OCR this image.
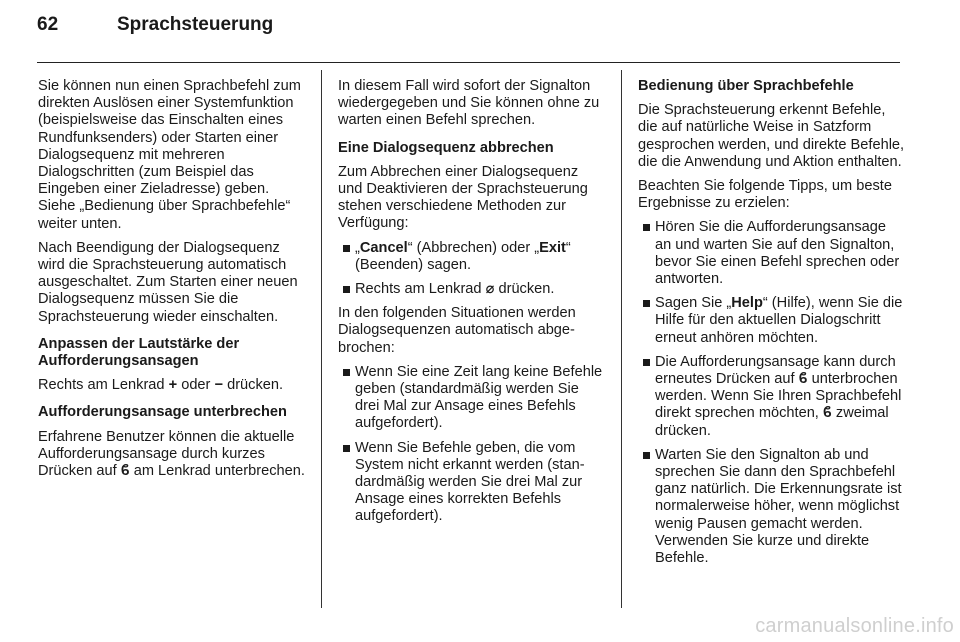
62	Sprachsteuerung

Sie können nun einen Sprachbefehl zum direkten Auslösen einer Systemfunktion (beispielsweise das Einschalten eines Rundfunksenders) oder Starten einer Dialogsequenz mit mehreren Dialogschritten (zum Beispiel das Eingeben einer Zieladresse) geben. Siehe „Bedienung über Sprachbefehle“ weiter unten.

Nach Beendigung der Dialogsequenz wird die Sprachsteuerung automatisch ausgeschaltet. Zum Starten einer neuen Dialogsequenz müssen Sie die Sprachsteuerung wieder einschalten.

Anpassen der Lautstärke der Aufforderungsansagen

Rechts am Lenkrad + oder − drücken.

Aufforderungsansage unterbrechen

Erfahrene Benutzer können die aktuelle Aufforderungsansage durch kurzes Drücken auf ϐ am Lenkrad unterbrechen.

In diesem Fall wird sofort der Signalton wiedergegeben und Sie können ohne zu warten einen Befehl sprechen.

Eine Dialogsequenz abbrechen

Zum Abbrechen einer Dialogsequenz und Deaktivieren der Sprachsteuerung stehen verschiedene Methoden zur Verfügung:

„Cancel“ (Abbrechen) oder „Exit“ (Beenden) sagen.
Rechts am Lenkrad ⌀ drücken.

In den folgenden Situationen werden Dialogsequenzen automatisch abgebrochen:

Wenn Sie eine Zeit lang keine Befehle geben (standardmäßig werden Sie drei Mal zur Ansage eines Befehls aufgefordert).
Wenn Sie Befehle geben, die vom System nicht erkannt werden (standardmäßig werden Sie drei Mal zur Ansage eines korrekten Befehls aufgefordert).

Bedienung über Sprachbefehle

Die Sprachsteuerung erkennt Befehle, die auf natürliche Weise in Satzform gesprochen werden, und direkte Befehle, die die Anwendung und Aktion enthalten.

Beachten Sie folgende Tipps, um beste Ergebnisse zu erzielen:

Hören Sie die Aufforderungsansage an und warten Sie auf den Signalton, bevor Sie einen Befehl sprechen oder antworten.
Sagen Sie „Help“ (Hilfe), wenn Sie die Hilfe für den aktuellen Dialogschritt erneut anhören möchten.
Die Aufforderungsansage kann durch erneutes Drücken auf ϐ unterbrochen werden. Wenn Sie Ihren Sprachbefehl direkt sprechen möchten, ϐ zweimal drücken.
Warten Sie den Signalton ab und sprechen Sie dann den Sprachbefehl ganz natürlich. Die Erkennungsrate ist normalerweise höher, wenn möglichst wenig Pausen gemacht werden. Verwenden Sie kurze und direkte Befehle.
carmanualsonline.info
